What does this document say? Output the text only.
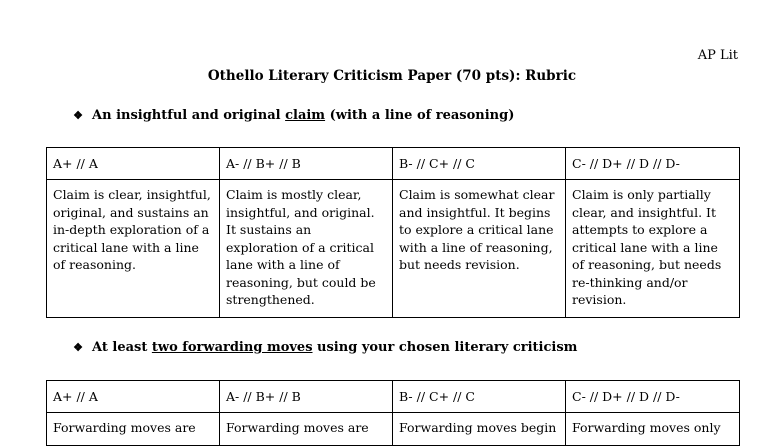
AP Lit
Othello Literary Criticism Paper (70 pts): Rubric
❖ An insightful and original claim (with a line of reasoning)
A+ // A	A- // B+ // B	B- // C+ // C	C- // D+ // D // D-
Claim is clear, insightful, original, and sustains an in-depth exploration of a critical lane with a line of reasoning.	Claim is mostly clear, insightful, and original. It sustains an exploration of a critical lane with a line of reasoning, but could be strengthened.	Claim is somewhat clear and insightful. It begins to explore a critical lane with a line of reasoning, but needs revision.	Claim is only partially clear, and insightful. It attempts to explore a critical lane with a line of reasoning, but needs re-thinking and/or revision.
❖ At least two forwarding moves using your chosen literary criticism
A+ // A	A- // B+ // B	B- // C+ // C	C- // D+ // D // D-
Forwarding moves are	Forwarding moves are	Forwarding moves begin	Forwarding moves only
